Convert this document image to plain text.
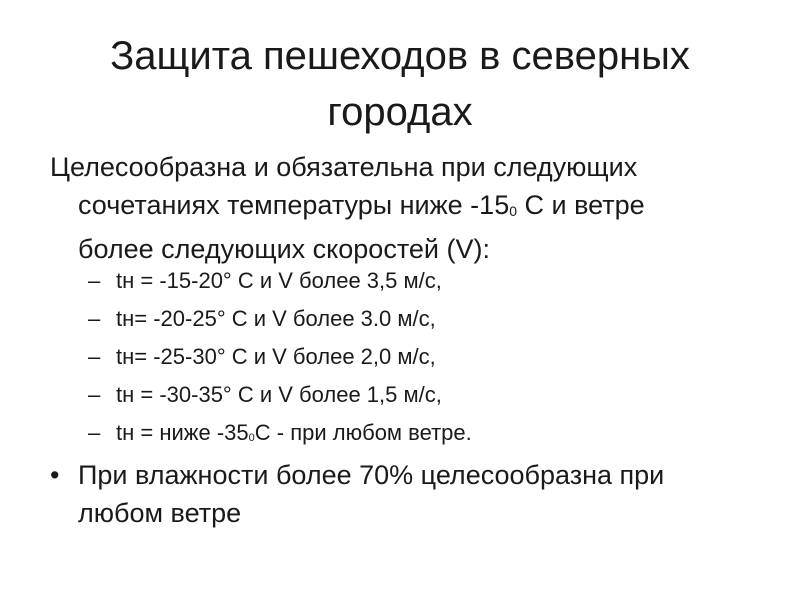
Защита пешеходов в северных
городах
Целесообразна и обязательна при следующих
сочетаниях температуры ниже $-15_0$ С и ветре
более следующих скоростей (V):
– tн = -15-20° С и V более 3,5 м/с,
– tн= -20-25° С и V более 3.0 м/с,
– tн= -25-30° С и V более 2,0 м/с,
– tн = -30-35° С и V более 1,5 м/с,
– tн = ниже $-35_0С$ - при любом ветре.
• При влажности более 70% целесообразна при
любом ветре
